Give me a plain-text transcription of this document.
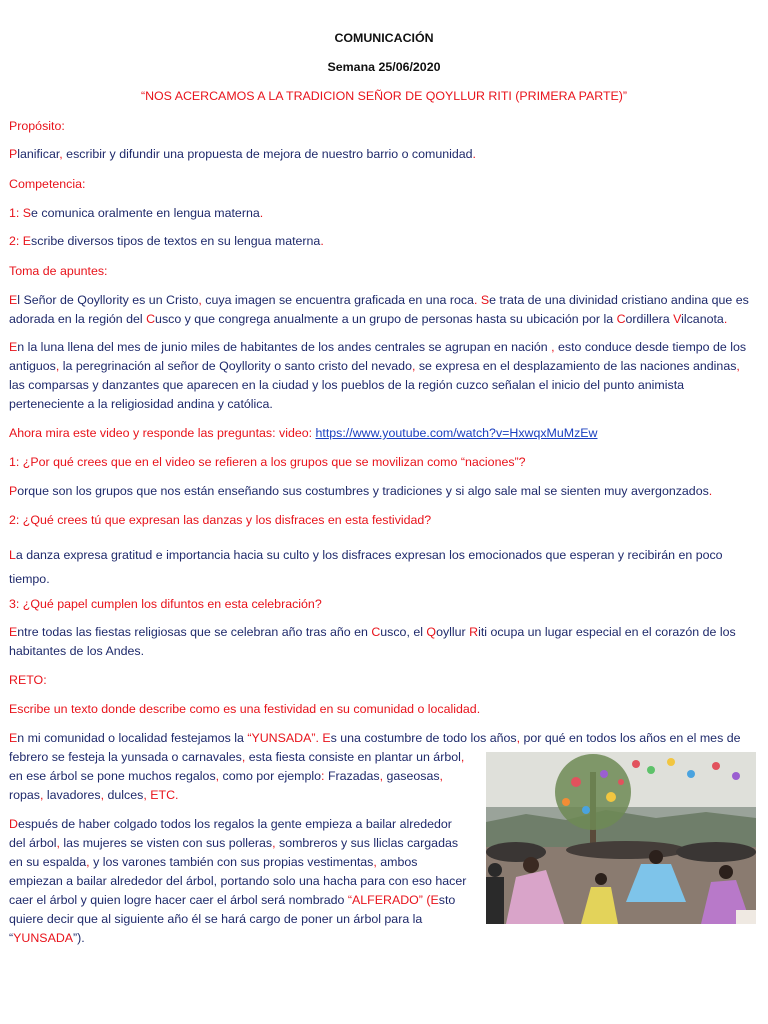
COMUNICACIÓN
Semana 25/06/2020
“NOS ACERCAMOS A LA TRADICION SEÑOR DE QOYLLUR RITI (PRIMERA PARTE)”
Propósito:
Planificar, escribir y difundir una propuesta de mejora de nuestro barrio o comunidad.
Competencia:
1: Se comunica oralmente en lengua materna.
2: Escribe diversos tipos de textos en su lengua materna.
Toma de apuntes:
El Señor de Qoyllority es un Cristo, cuya imagen se encuentra graficada en una roca. Se trata de una divinidad cristiano andina que es
adorada en la región del Cusco y que congrega anualmente a un grupo de personas hasta su ubicación por la Cordillera Vilcanota.
En la luna llena del mes de junio miles de habitantes de los andes centrales se agrupan en nación , esto conduce desde tiempo de los
antiguos, la peregrinación al señor de Qoyllority o santo cristo del nevado, se expresa en el desplazamiento de las naciones andinas,
las comparsas y danzantes que aparecen en la ciudad y los pueblos de la región cuzco señalan el inicio del punto animista
perteneciente a la religiosidad andina y católica.
Ahora mira este video y responde las preguntas: video: https://www.youtube.com/watch?v=HxwqxMuMzEw
1: ¿Por qué crees que en el video se refieren a los grupos que se movilizan como “naciones”?
Porque son los grupos que nos están enseñando sus costumbres y tradiciones y si algo sale mal se sienten muy avergonzados.
2: ¿Qué crees tú que expresan las danzas y los disfraces en esta festividad?
La danza expresa gratitud e importancia hacia su culto y los disfraces expresan los emocionados que esperan y recibirán en poco
tiempo.
3: ¿Qué papel cumplen los difuntos en esta celebración?
Entre todas las fiestas religiosas que se celebran año tras año en Cusco, el Qoyllur Riti ocupa un lugar especial en el corazón de los
habitantes de los Andes.
RETO:
Escribe un texto donde describe como es una festividad en su comunidad o localidad.
En mi comunidad o localidad festejamos la “YUNSADA”. Es una costumbre de todo los años, por qué en todos los años en el mes de
febrero se festeja la yunsada o carnavales, esta fiesta consiste en plantar un árbol,
en ese árbol se pone muchos regalos, como por ejemplo: Frazadas, gaseosas,
ropas, lavadores, dulces, ETC.
Después de haber colgado todos los regalos la gente empieza a bailar alrededor
del árbol, las mujeres se visten con sus polleras, sombreros y sus lliclas cargadas
en su espalda, y los varones también con sus propias vestimentas, ambos
empiezan a bailar alrededor del árbol, portando solo una hacha para con eso hacer
caer el árbol y quien logre hacer caer el árbol será nombrado “ALFERADO” (Esto
quiere decir que al siguiente año él se hará cargo de poner un árbol para la
“YUNSADA”).
